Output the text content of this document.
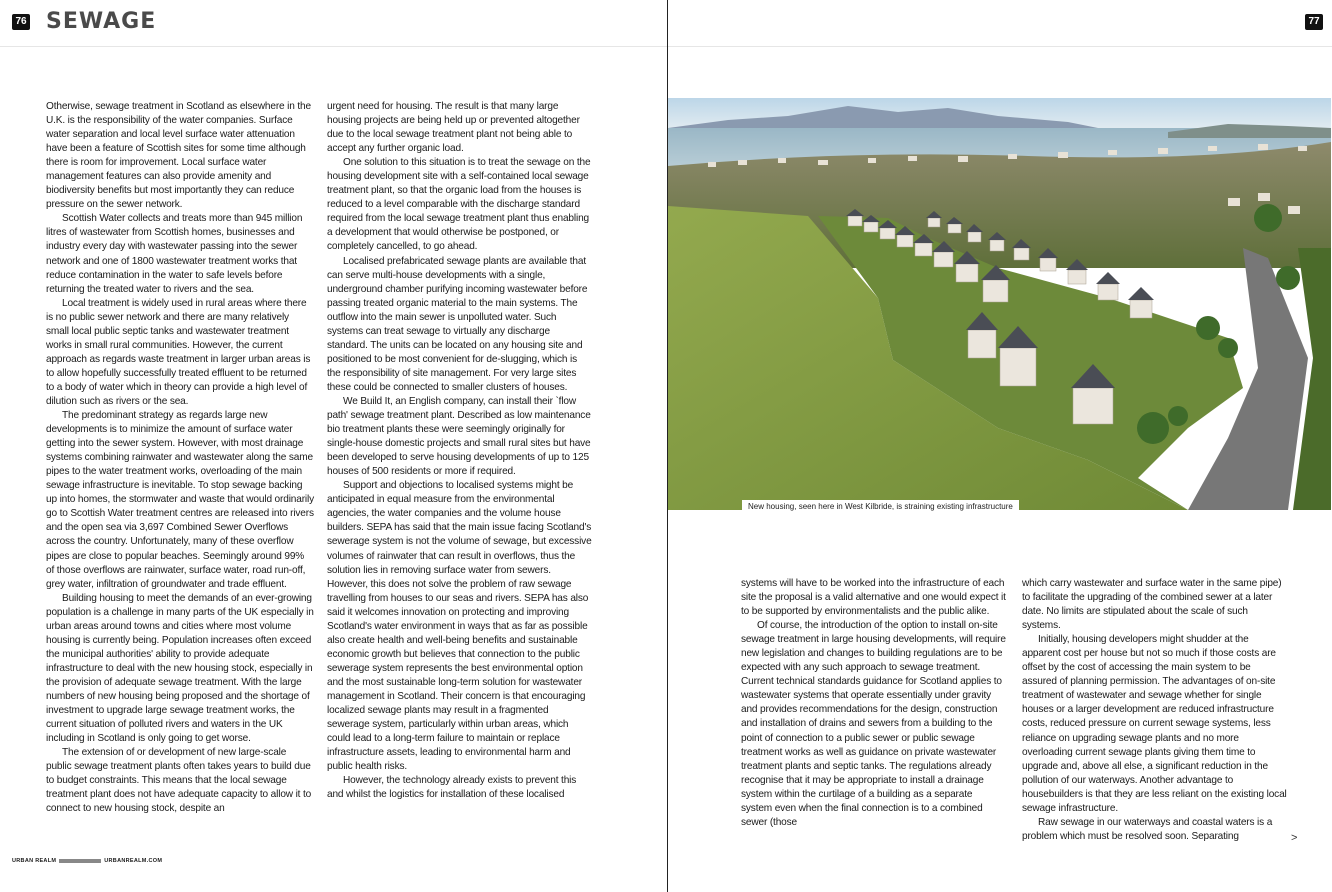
76 SEWAGE

Otherwise, sewage treatment in Scotland as elsewhere in the U.K. is the responsibility of the water companies. Surface water separation and local level surface water attenuation have been a feature of Scottish sites for some time although there is room for improvement. Local surface water management features can also provide amenity and biodiversity benefits but most importantly they can reduce pressure on the sewer network.

Scottish Water collects and treats more than 945 million litres of wastewater from Scottish homes, businesses and industry every day with wastewater passing into the sewer network and one of 1800 wastewater treatment works that reduce contamination in the water to safe levels before returning the treated water to rivers and the sea.

Local treatment is widely used in rural areas where there is no public sewer network and there are many relatively small local public septic tanks and wastewater treatment works in small rural communities. However, the current approach as regards waste treatment in larger urban areas is to allow hopefully successfully treated effluent to be returned to a body of water which in theory can provide a high level of dilution such as rivers or the sea.

The predominant strategy as regards large new developments is to minimize the amount of surface water getting into the sewer system. However, with most drainage systems combining rainwater and wastewater along the same pipes to the water treatment works, overloading of the main sewage infrastructure is inevitable. To stop sewage backing up into homes, the stormwater and waste that would ordinarily go to Scottish Water treatment centres are released into rivers and the open sea via 3,697 Combined Sewer Overflows across the country. Unfortunately, many of these overflow pipes are close to popular beaches. Seemingly around 99% of those overflows are rainwater, surface water, road run-off, grey water, infiltration of groundwater and trade effluent.

Building housing to meet the demands of an ever-growing population is a challenge in many parts of the UK especially in urban areas around towns and cities where most volume housing is currently being. Population increases often exceed the municipal authorities' ability to provide adequate infrastructure to deal with the new housing stock, especially in the provision of adequate sewage treatment. With the large numbers of new housing being proposed and the shortage of investment to upgrade large sewage treatment works, the current situation of polluted rivers and waters in the UK including in Scotland is only going to get worse.

The extension of or development of new large-scale public sewage treatment plants often takes years to build due to budget constraints. This means that the local sewage treatment plant does not have adequate capacity to allow it to connect to new housing stock, despite an

urgent need for housing. The result is that many large housing projects are being held up or prevented altogether due to the local sewage treatment plant not being able to accept any further organic load.

One solution to this situation is to treat the sewage on the housing development site with a self-contained local sewage treatment plant, so that the organic load from the houses is reduced to a level comparable with the discharge standard required from the local sewage treatment plant thus enabling a development that would otherwise be postponed, or completely cancelled, to go ahead.

Localised prefabricated sewage plants are available that can serve multi-house developments with a single, underground chamber purifying incoming wastewater before passing treated organic material to the main systems. The outflow into the main sewer is unpolluted water. Such systems can treat sewage to virtually any discharge standard. The units can be located on any housing site and positioned to be most convenient for de-slugging, which is the responsibility of site management. For very large sites these could be connected to smaller clusters of houses.

We Build It, an English company, can install their `flow path' sewage treatment plant. Described as low maintenance bio treatment plants these were seemingly originally for single-house domestic projects and small rural sites but have been developed to serve housing developments of up to 125 houses of 500 residents or more if required.

Support and objections to localised systems might be anticipated in equal measure from the environmental agencies, the water companies and the volume house builders. SEPA has said that the main issue facing Scotland's sewerage system is not the volume of sewage, but excessive volumes of rainwater that can result in overflows, thus the solution lies in removing surface water from sewers. However, this does not solve the problem of raw sewage travelling from houses to our seas and rivers. SEPA has also said it welcomes innovation on protecting and improving Scotland's water environment in ways that as far as possible also create health and well-being benefits and sustainable economic growth but believes that connection to the public sewerage system represents the best environmental option and the most sustainable long-term solution for wastewater management in Scotland. Their concern is that encouraging localized sewage plants may result in a fragmented sewerage system, particularly within urban areas, which could lead to a long-term failure to maintain or replace infrastructure assets, leading to environmental harm and public health risks.

However, the technology already exists to prevent this and whilst the logistics for installation of these localised

URBAN REALM	URBANREALM.COM
77

systems will have to be worked into the infrastructure of each site the proposal is a valid alternative and one would expect it to be supported by environmentalists and the public alike.

Of course, the introduction of the option to install on-site sewage treatment in large housing developments, will require new legislation and changes to building regulations are to be expected with any such approach to sewage treatment. Current technical standards guidance for Scotland applies to wastewater systems that operate essentially under gravity and provides recommendations for the design, construction and installation of drains and sewers from a building to the point of connection to a public sewer or public sewage treatment works as well as guidance on private wastewater treatment plants and septic tanks. The regulations already recognise that it may be appropriate to install a drainage system within the curtilage of a building as a separate system even when the final connection is to a combined sewer (those

which carry wastewater and surface water in the same pipe) to facilitate the upgrading of the combined sewer at a later date. No limits are stipulated about the scale of such systems.

Initially, housing developers might shudder at the apparent cost per house but not so much if those costs are offset by the cost of accessing the main system to be assured of planning permission. The advantages of on-site treatment of wastewater and sewage whether for single houses or a larger development are reduced infrastructure costs, reduced pressure on current sewage systems, less reliance on upgrading sewage plants and no more overloading current sewage plants giving them time to upgrade and, above all else, a significant reduction in the pollution of our waterways. Another advantage to housebuilders is that they are less reliant on the existing local sewage infrastructure.

Raw sewage in our waterways and coastal waters is a problem which must be resolved soon. Separating	>
New housing, seen here in West Kilbride, is straining existing infrastructure
